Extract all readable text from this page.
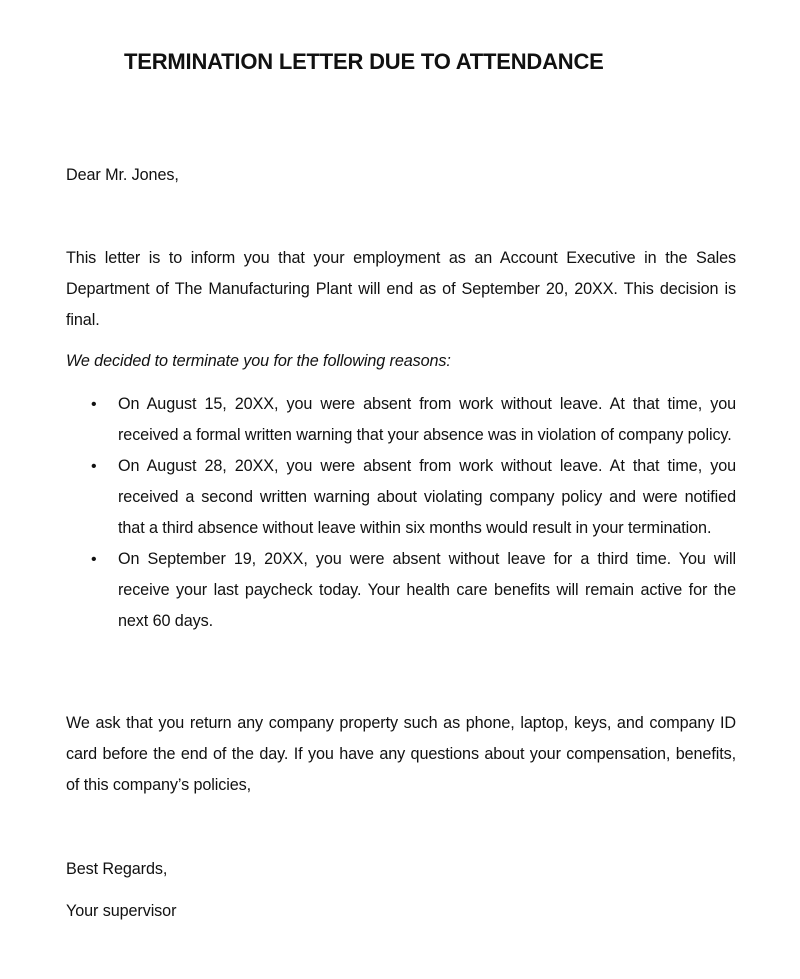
TERMINATION LETTER DUE TO ATTENDANCE

Dear Mr. Jones,

This letter is to inform you that your employment as an Account Executive in the Sales Department of The Manufacturing Plant will end as of September 20, 20XX. This decision is final.

We decided to terminate you for the following reasons:

• On August 15, 20XX, you were absent from work without leave. At that time, you received a formal written warning that your absence was in violation of company policy.
• On August 28, 20XX, you were absent from work without leave. At that time, you received a second written warning about violating company policy and were notified that a third absence without leave within six months would result in your termination.
• On September 19, 20XX, you were absent without leave for a third time. You will receive your last paycheck today. Your health care benefits will remain active for the next 60 days.

We ask that you return any company property such as phone, laptop, keys, and company ID card before the end of the day. If you have any questions about your compensation, benefits, of this company’s policies,

Best Regards,

Your supervisor
